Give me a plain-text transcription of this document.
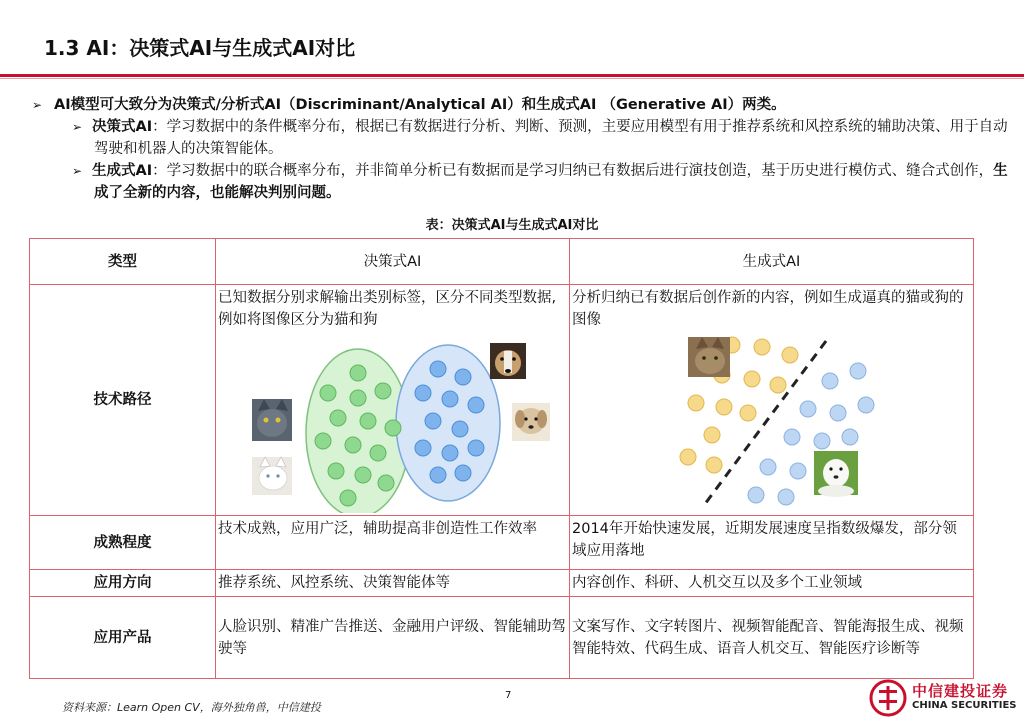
1.3 AI：决策式AI与生成式AI对比
➢ AI模型可大致分为决策式/分析式AI（Discriminant/Analytical AI）和生成式AI （Generative AI）两类。
➢ 决策式AI：学习数据中的条件概率分布，根据已有数据进行分析、判断、预测，主要应用模型有用于推荐系统和风控系统的辅助决策、用于自动驾驶和机器人的决策智能体。
➢ 生成式AI：学习数据中的联合概率分布，并非简单分析已有数据而是学习归纳已有数据后进行演技创造，基于历史进行模仿式、缝合式创作，生成了全新的内容，也能解决判别问题。
表：决策式AI与生成式AI对比
类型	决策式AI	生成式AI
技术路径	已知数据分别求解输出类别标签，区分不同类型数据,例如将图像区分为猫和狗	分析归纳已有数据后创作新的内容，例如生成逼真的猫或狗的图像

成熟程度	技术成熟，应用广泛，辅助提高非创造性工作效率	2014年开始快速发展，近期发展速度呈指数级爆发，部分领域应用落地
应用方向	推荐系统、风控系统、决策智能体等	内容创作、科研、人机交互以及多个工业领域
应用产品	人脸识别、精准广告推送、金融用户评级、智能辅助驾驶等	文案写作、文字转图片、视频智能配音、智能海报生成、视频智能特效、代码生成、语音人机交互、智能医疗诊断等
资料来源：Learn Open CV，海外独角兽，中信建投
7	中信建投证券
CHINA SECURITIES
